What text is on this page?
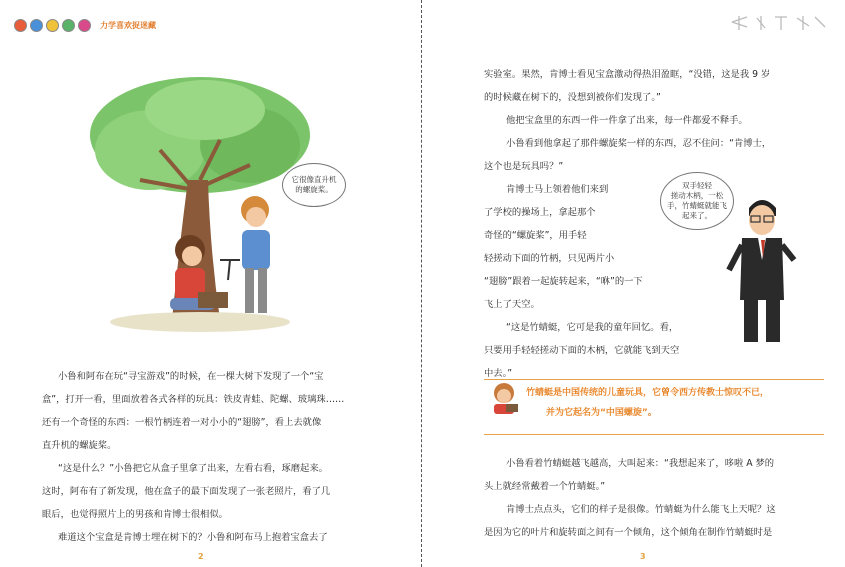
力学喜欢捉迷藏
它很像直升机
的螺旋桨。

小鲁和阿布在玩“寻宝游戏”的时候，在一棵大树下发现了一个“宝

盒”，打开一看，里面放着各式各样的玩具：铁皮青蛙、陀螺、玻璃珠……

还有一个奇怪的东西：一根竹柄连着一对小小的“翅膀”，看上去就像

直升机的螺旋桨。

“这是什么？”小鲁把它从盒子里拿了出来，左看右看，琢磨起来。

这时，阿布有了新发现，他在盒子的最下面发现了一张老照片，看了几

眼后，也觉得照片上的男孩和肯博士很相似。

难道这个宝盒是肯博士埋在树下的？小鲁和阿布马上抱着宝盒去了

2

实验室。果然，肯博士看见宝盒激动得热泪盈眶，“没错，这是我 9 岁

的时候藏在树下的，没想到被你们发现了。”

他把宝盒里的东西一件一件拿了出来，每一件都爱不释手。

小鲁看到他拿起了那件螺旋桨一样的东西，忍不住问：“肯博士，

这个也是玩具吗？”

肯博士马上领着他们来到

了学校的操场上，拿起那个

奇怪的“螺旋桨”，用手轻

轻搓动下面的竹柄，只见两片小

“翅膀”跟着一起旋转起来，“咻”的一下

飞上了天空。

“这是竹蜻蜓，它可是我的童年回忆。看，

只要用手轻轻搓动下面的木柄，它就能飞到天空

中去。”

双手轻轻
搓动木柄，一松
手，竹蜻蜓就能飞
起来了。
竹蜻蜓是中国传统的儿童玩具，它曾令西方传教士惊叹不已，
并为它起名为“中国螺旋”。

小鲁看着竹蜻蜓越飞越高，大叫起来：“我想起来了，哆啦 A 梦的

头上就经常戴着一个竹蜻蜓。”

肯博士点点头，它们的样子是很像。竹蜻蜓为什么能飞上天呢？这

是因为它的叶片和旋转面之间有一个倾角，这个倾角在制作竹蜻蜓时是

3
